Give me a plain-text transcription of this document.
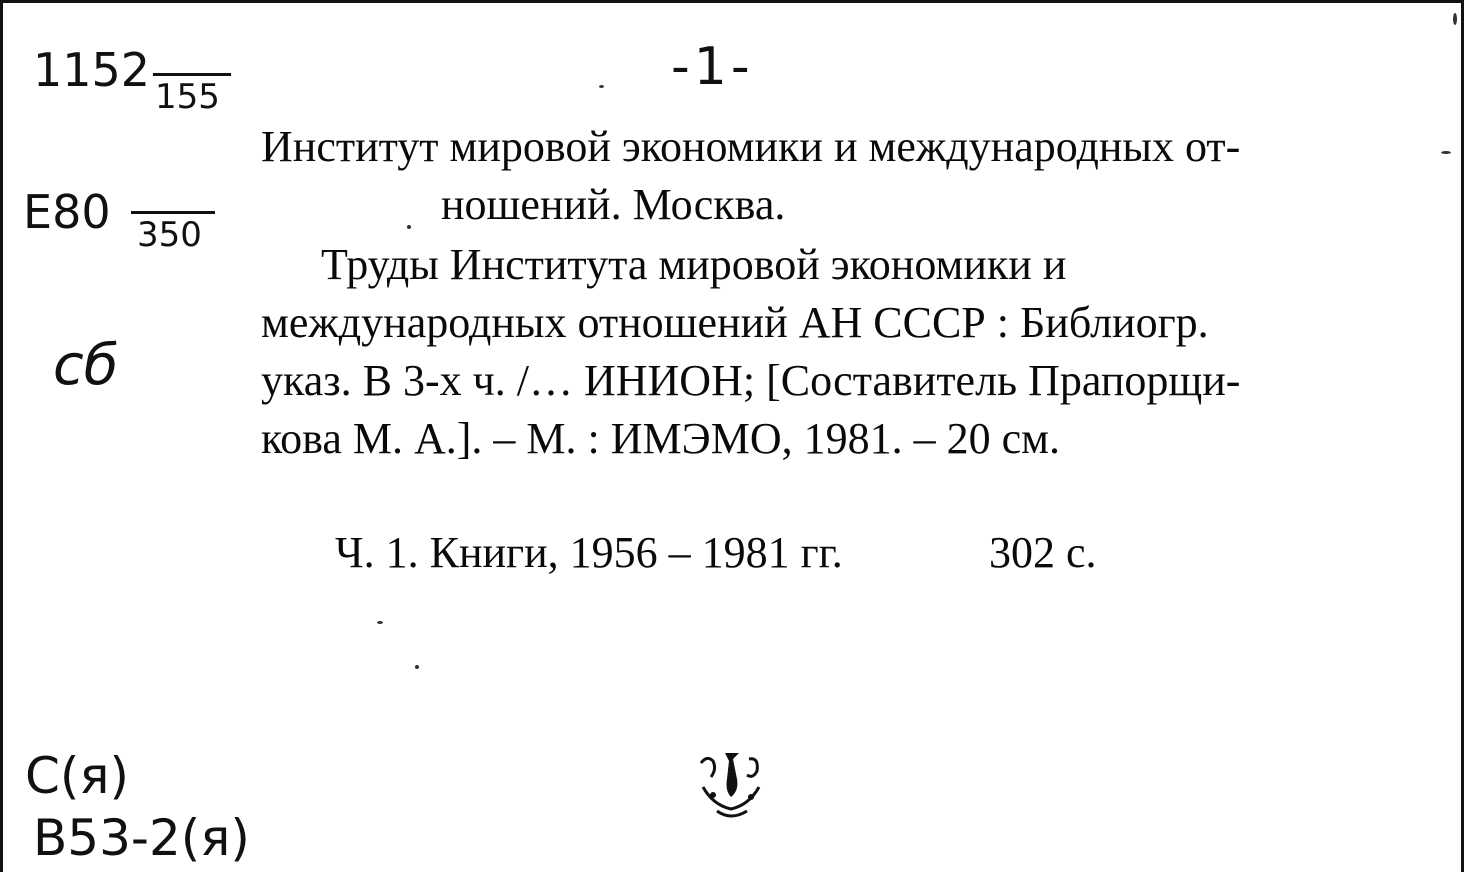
-1-
1152 155
E80 350
сб
Институт мировой экономики и международных от-
ношений. Москва.
Труды Института мировой экономики и
международных отношений АН СССР : Библиогр.
указ. В 3-х ч. /… ИНИОН; [Составитель Прапорщи-
кова М. А.]. – М. : ИМЭМО, 1981. – 20 см.
Ч. 1. Книги, 1956 – 1981 гг.	302 с.
С(я)
В53-2(я)
